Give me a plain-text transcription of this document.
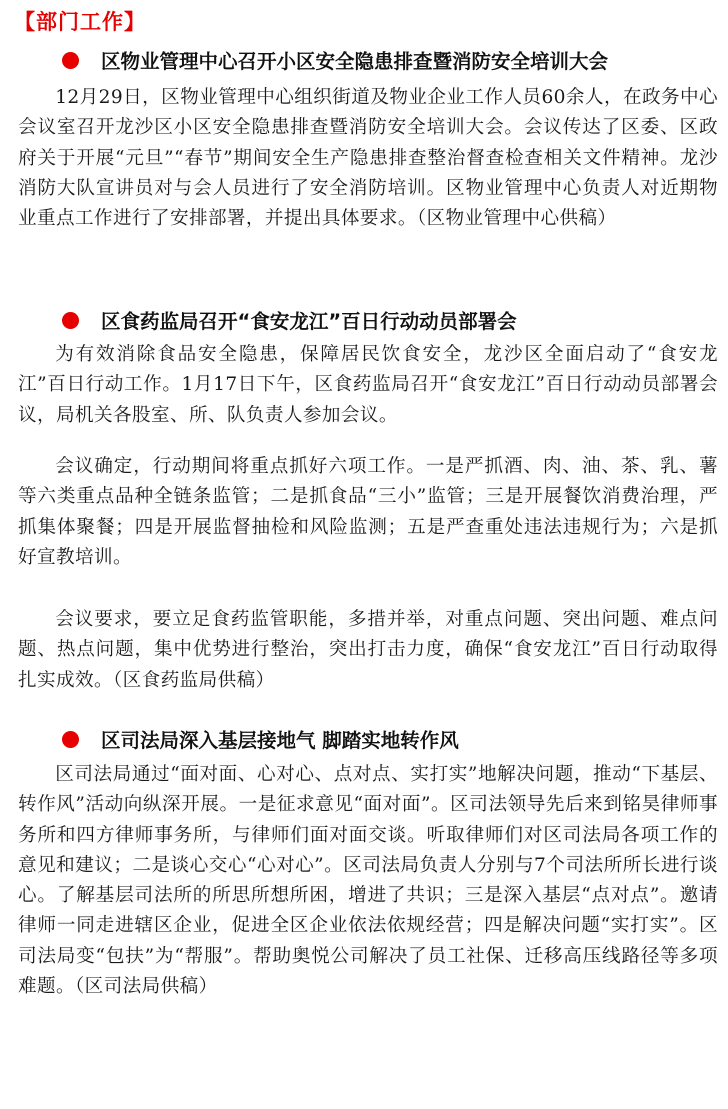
【部门工作】
区物业管理中心召开小区安全隐患排查暨消防安全培训大会

12月29日，区物业管理中心组织街道及物业企业工作人员60余人，在政务中心会议室召开龙沙区小区安全隐患排查暨消防安全培训大会。会议传达了区委、区政府关于开展“元旦”“春节”期间安全生产隐患排查整治督查检查相关文件精神。龙沙消防大队宣讲员对与会人员进行了安全消防培训。区物业管理中心负责人对近期物业重点工作进行了安排部署，并提出具体要求。（区物业管理中心供稿）

区食药监局召开“食安龙江”百日行动动员部署会

为有效消除食品安全隐患，保障居民饮食安全，龙沙区全面启动了“食安龙江”百日行动工作。1月17日下午，区食药监局召开“食安龙江”百日行动动员部署会议，局机关各股室、所、队负责人参加会议。

会议确定，行动期间将重点抓好六项工作。一是严抓酒、肉、油、茶、乳、薯等六类重点品种全链条监管；二是抓食品“三小”监管；三是开展餐饮消费治理，严抓集体聚餐；四是开展监督抽检和风险监测；五是严查重处违法违规行为；六是抓好宣教培训。

会议要求，要立足食药监管职能，多措并举，对重点问题、突出问题、难点问题、热点问题，集中优势进行整治，突出打击力度，确保“食安龙江”百日行动取得扎实成效。（区食药监局供稿）

区司法局深入基层接地气 脚踏实地转作风

区司法局通过“面对面、心对心、点对点、实打实”地解决问题，推动“下基层、转作风”活动向纵深开展。一是征求意见“面对面”。区司法领导先后来到铭昊律师事务所和四方律师事务所，与律师们面对面交谈。听取律师们对区司法局各项工作的意见和建议；二是谈心交心“心对心”。区司法局负责人分别与7个司法所所长进行谈心。了解基层司法所的所思所想所困，增进了共识；三是深入基层“点对点”。邀请律师一同走进辖区企业，促进全区企业依法依规经营；四是解决问题“实打实”。区司法局变“包扶”为“帮服”。帮助奥悦公司解决了员工社保、迁移高压线路径等多项难题。（区司法局供稿）
